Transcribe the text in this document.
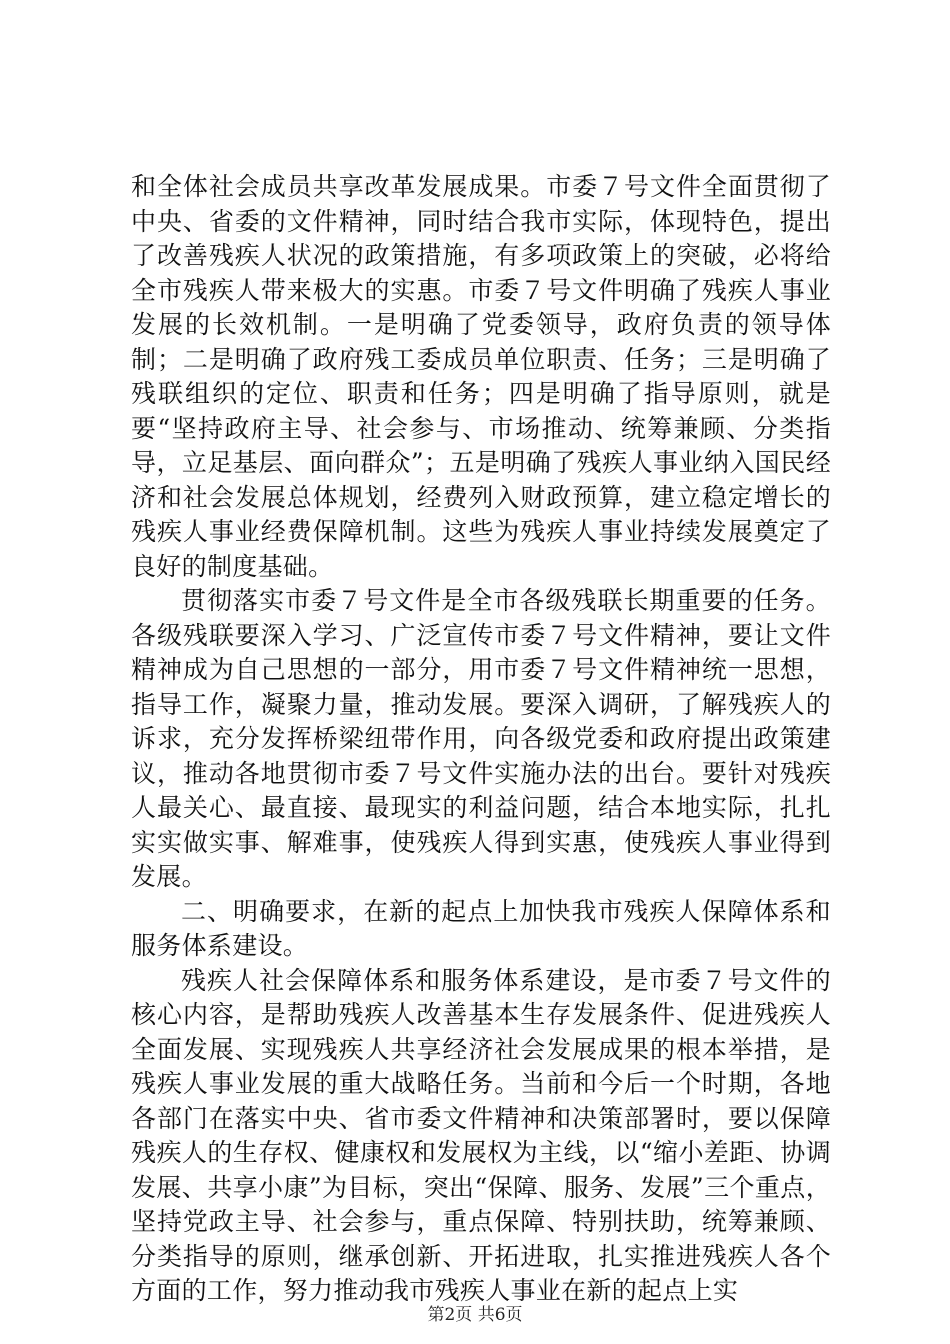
和全体社会成员共享改革发展成果。市委７号文件全面贯彻了中央、省委的文件精神，同时结合我市实际，体现特色，提出了改善残疾人状况的政策措施，有多项政策上的突破，必将给全市残疾人带来极大的实惠。市委７号文件明确了残疾人事业发展的长效机制。一是明确了党委领导，政府负责的领导体制；二是明确了政府残工委成员单位职责、任务；三是明确了残联组织的定位、职责和任务；四是明确了指导原则，就是要“坚持政府主导、社会参与、市场推动、统筹兼顾、分类指导，立足基层、面向群众”；五是明确了残疾人事业纳入国民经济和社会发展总体规划，经费列入财政预算，建立稳定增长的残疾人事业经费保障机制。这些为残疾人事业持续发展奠定了良好的制度基础。

贯彻落实市委７号文件是全市各级残联长期重要的任务。各级残联要深入学习、广泛宣传市委７号文件精神，要让文件精神成为自己思想的一部分，用市委７号文件精神统一思想，指导工作，凝聚力量，推动发展。要深入调研，了解残疾人的诉求，充分发挥桥梁纽带作用，向各级党委和政府提出政策建议，推动各地贯彻市委７号文件实施办法的出台。要针对残疾人最关心、最直接、最现实的利益问题，结合本地实际，扎扎实实做实事、解难事，使残疾人得到实惠，使残疾人事业得到发展。

二、明确要求，在新的起点上加快我市残疾人保障体系和服务体系建设。

残疾人社会保障体系和服务体系建设，是市委７号文件的核心内容，是帮助残疾人改善基本生存发展条件、促进残疾人全面发展、实现残疾人共享经济社会发展成果的根本举措，是残疾人事业发展的重大战略任务。当前和今后一个时期，各地各部门在落实中央、省市委文件精神和决策部署时，要以保障残疾人的生存权、健康权和发展权为主线，以“缩小差距、协调发展、共享小康”为目标，突出“保障、服务、发展”三个重点，坚持党政主导、社会参与，重点保障、特别扶助，统筹兼顾、分类指导的原则，继承创新、开拓进取，扎实推进残疾人各个方面的工作，努力推动我市残疾人事业在新的起点上实

第2页 共6页
